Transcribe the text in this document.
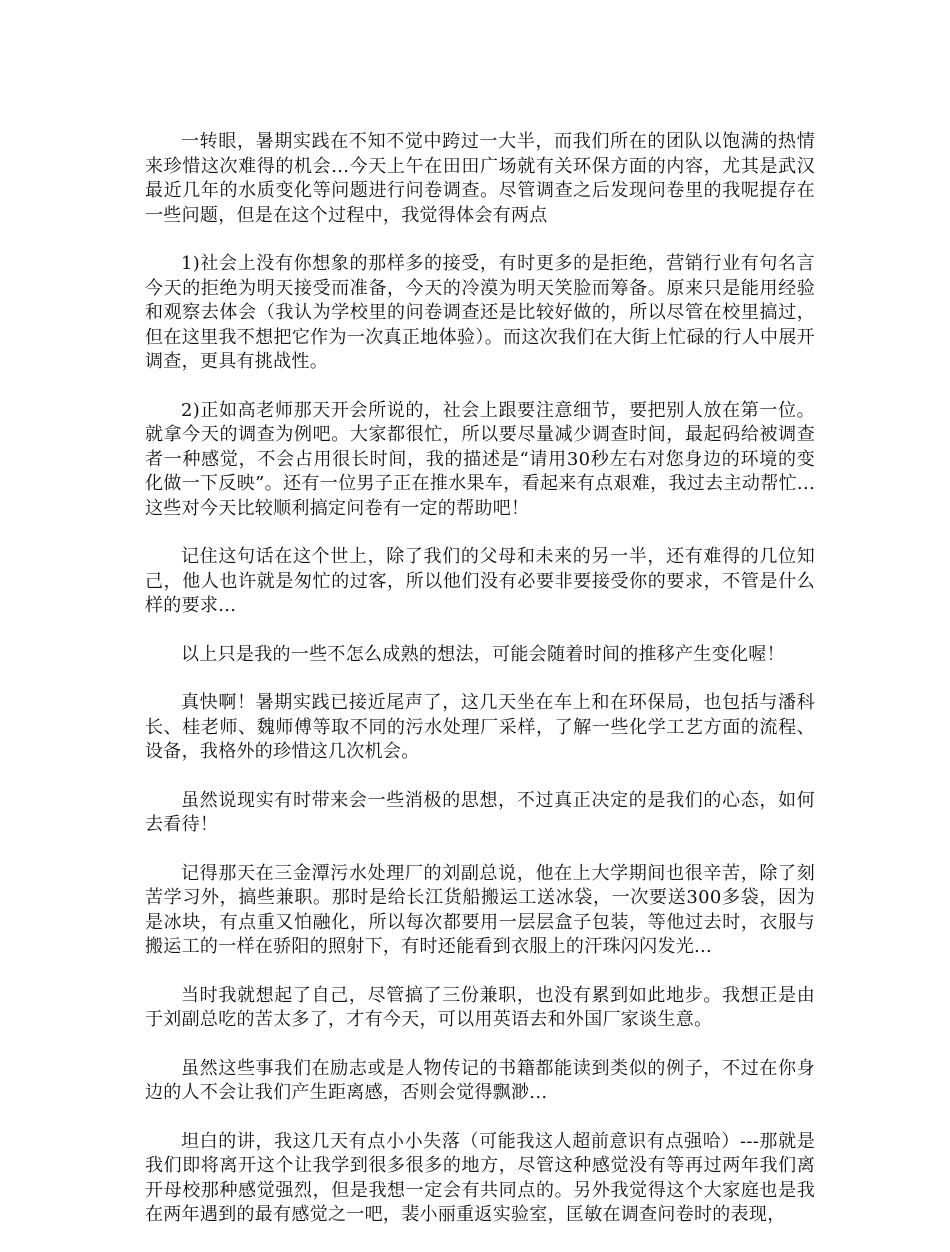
一转眼，暑期实践在不知不觉中跨过一大半，而我们所在的团队以饱满的热情来珍惜这次难得的机会...今天上午在田田广场就有关环保方面的内容，尤其是武汉最近几年的水质变化等问题进行问卷调查。尽管调查之后发现问卷里的我呢提存在一些问题，但是在这个过程中，我觉得体会有两点

1)社会上没有你想象的那样多的接受，有时更多的是拒绝，营销行业有句名言今天的拒绝为明天接受而准备，今天的冷漠为明天笑脸而筹备。原来只是能用经验和观察去体会（我认为学校里的问卷调查还是比较好做的，所以尽管在校里搞过，但在这里我不想把它作为一次真正地体验）。而这次我们在大街上忙碌的行人中展开调查，更具有挑战性。

2)正如高老师那天开会所说的，社会上跟要注意细节，要把别人放在第一位。就拿今天的调查为例吧。大家都很忙，所以要尽量减少调查时间，最起码给被调查者一种感觉，不会占用很长时间，我的描述是“请用30秒左右对您身边的环境的变化做一下反映”。还有一位男子正在推水果车，看起来有点艰难，我过去主动帮忙...这些对今天比较顺利搞定问卷有一定的帮助吧！

记住这句话在这个世上，除了我们的父母和未来的另一半，还有难得的几位知己，他人也许就是匆忙的过客，所以他们没有必要非要接受你的要求，不管是什么样的要求...

以上只是我的一些不怎么成熟的想法，可能会随着时间的推移产生变化喔！

真快啊！暑期实践已接近尾声了，这几天坐在车上和在环保局，也包括与潘科长、桂老师、魏师傅等取不同的污水处理厂采样，了解一些化学工艺方面的流程、设备，我格外的珍惜这几次机会。

虽然说现实有时带来会一些消极的思想，不过真正决定的是我们的心态，如何去看待！

记得那天在三金潭污水处理厂的刘副总说，他在上大学期间也很辛苦，除了刻苦学习外，搞些兼职。那时是给长江货船搬运工送冰袋，一次要送300多袋，因为是冰块，有点重又怕融化，所以每次都要用一层层盒子包装，等他过去时，衣服与搬运工的一样在骄阳的照射下，有时还能看到衣服上的汗珠闪闪发光...

当时我就想起了自己，尽管搞了三份兼职，也没有累到如此地步。我想正是由于刘副总吃的苦太多了，才有今天，可以用英语去和外国厂家谈生意。

虽然这些事我们在励志或是人物传记的书籍都能读到类似的例子，不过在你身边的人不会让我们产生距离感，否则会觉得飘渺...

坦白的讲，我这几天有点小小失落（可能我这人超前意识有点强哈）---那就是我们即将离开这个让我学到很多很多的地方，尽管这种感觉没有等再过两年我们离开母校那种感觉强烈，但是我想一定会有共同点的。另外我觉得这个大家庭也是我在两年遇到的最有感觉之一吧，裴小丽重返实验室，匡敏在调查问卷时的表现，
